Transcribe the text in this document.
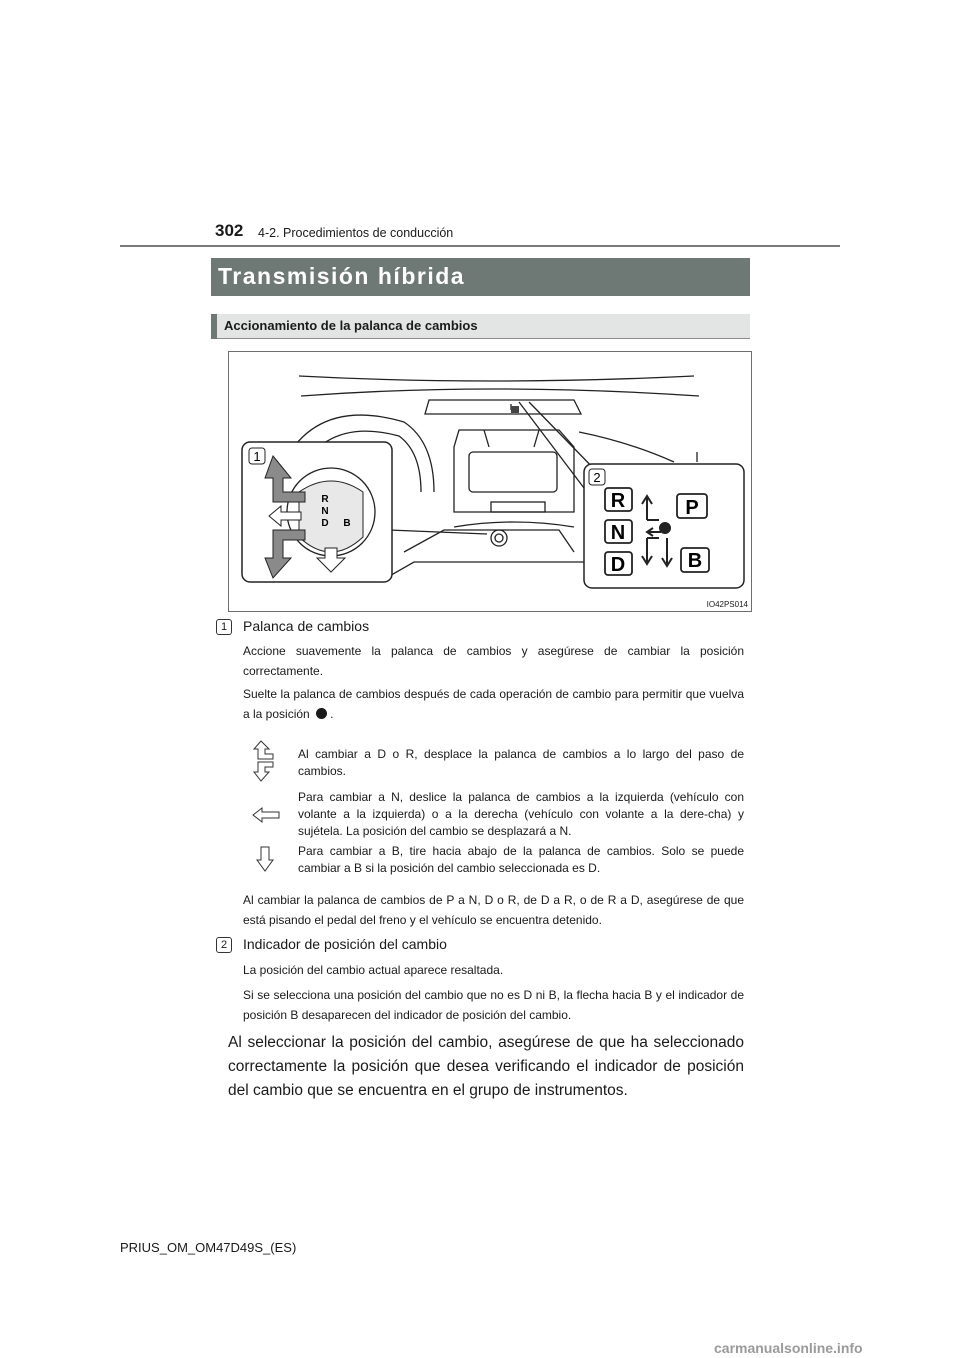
302 4-2. Procedimientos de conducción
Transmisión híbrida
Accionamiento de la palanca de cambios
1
R
N
D B
2
R
N
D
P
B
IO42PS014
1	Palanca de cambios
Accione suavemente la palanca de cambios y asegúrese de cambiar la posición correctamente.
Suelte la palanca de cambios después de cada operación de cambio para permitir que vuelva a la posición .
Al cambiar a D o R, desplace la palanca de cambios a lo largo del paso de cambios.
Para cambiar a N, deslice la palanca de cambios a la izquierda (vehículo con volante a la izquierda) o a la derecha (vehículo con volante a la dere-cha) y sujétela. La posición del cambio se desplazará a N.
Para cambiar a B, tire hacia abajo de la palanca de cambios. Solo se puede cambiar a B si la posición del cambio seleccionada es D.
Al cambiar la palanca de cambios de P a N, D o R, de D a R, o de R a D, asegúrese de que está pisando el pedal del freno y el vehículo se encuentra detenido.
2	Indicador de posición del cambio
La posición del cambio actual aparece resaltada.
Si se selecciona una posición del cambio que no es D ni B, la flecha hacia B y el indicador de posición B desaparecen del indicador de posición del cambio.
Al seleccionar la posición del cambio, asegúrese de que ha seleccionado correctamente la posición que desea verificando el indicador de posición del cambio que se encuentra en el grupo de instrumentos.
PRIUS_OM_OM47D49S_(ES)
carmanualsonline.info
